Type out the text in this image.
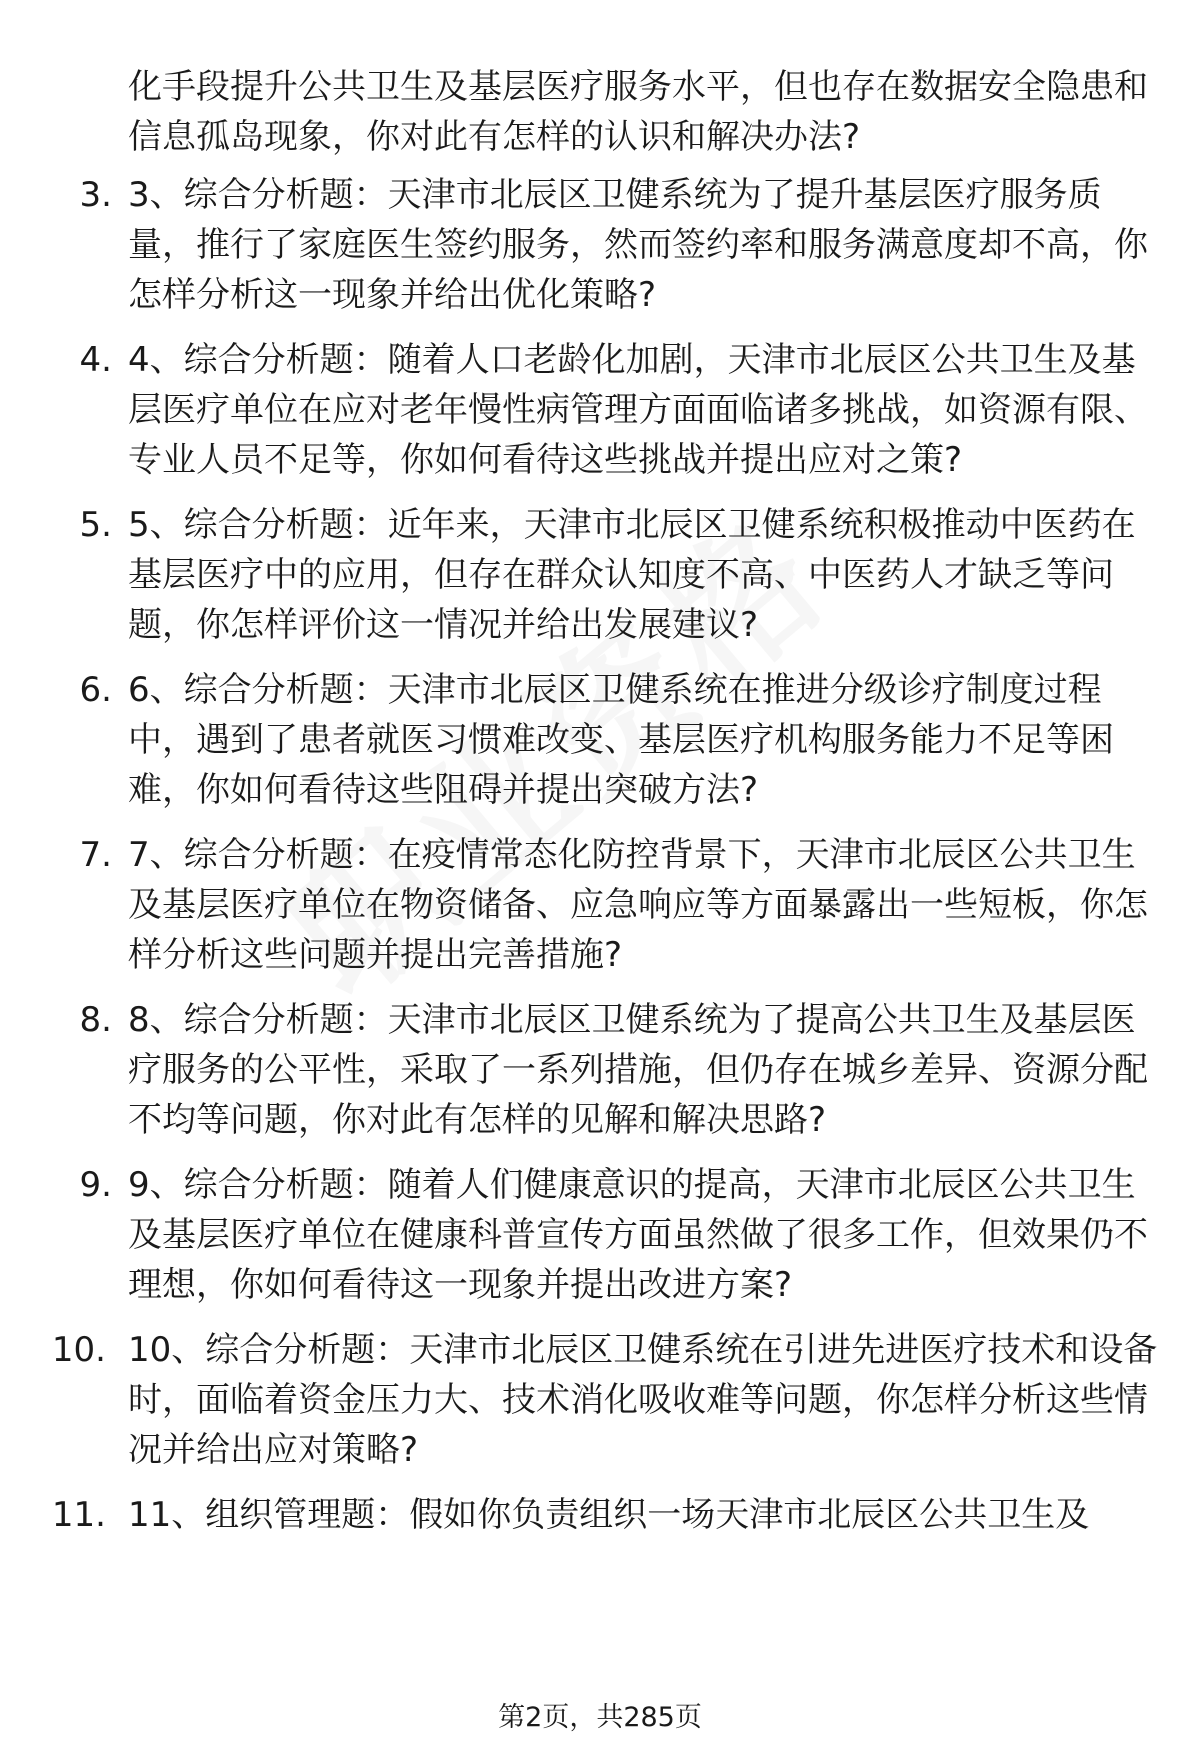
化手段提升公共卫生及基层医疗服务水平，但也存在数据安全隐患和信息孤岛现象，你对此有怎样的认识和解决办法?

3. 3、综合分析题：天津市北辰区卫健系统为了提升基层医疗服务质量，推行了家庭医生签约服务，然而签约率和服务满意度却不高，你怎样分析这一现象并给出优化策略?

4. 4、综合分析题：随着人口老龄化加剧，天津市北辰区公共卫生及基层医疗单位在应对老年慢性病管理方面面临诸多挑战，如资源有限、专业人员不足等，你如何看待这些挑战并提出应对之策?

5. 5、综合分析题：近年来，天津市北辰区卫健系统积极推动中医药在基层医疗中的应用，但存在群众认知度不高、中医药人才缺乏等问题，你怎样评价这一情况并给出发展建议?

6. 6、综合分析题：天津市北辰区卫健系统在推进分级诊疗制度过程中，遇到了患者就医习惯难改变、基层医疗机构服务能力不足等困难，你如何看待这些阻碍并提出突破方法?

7. 7、综合分析题：在疫情常态化防控背景下，天津市北辰区公共卫生及基层医疗单位在物资储备、应急响应等方面暴露出一些短板，你怎样分析这些问题并提出完善措施?

8. 8、综合分析题：天津市北辰区卫健系统为了提高公共卫生及基层医疗服务的公平性，采取了一系列措施，但仍存在城乡差异、资源分配不均等问题，你对此有怎样的见解和解决思路?

9. 9、综合分析题：随着人们健康意识的提高，天津市北辰区公共卫生及基层医疗单位在健康科普宣传方面虽然做了很多工作，但效果仍不理想，你如何看待这一现象并提出改进方案?

10. 10、综合分析题：天津市北辰区卫健系统在引进先进医疗技术和设备时，面临着资金压力大、技术消化吸收难等问题，你怎样分析这些情况并给出应对策略?

11. 11、组织管理题：假如你负责组织一场天津市北辰区公共卫生及

第2页，共285页
